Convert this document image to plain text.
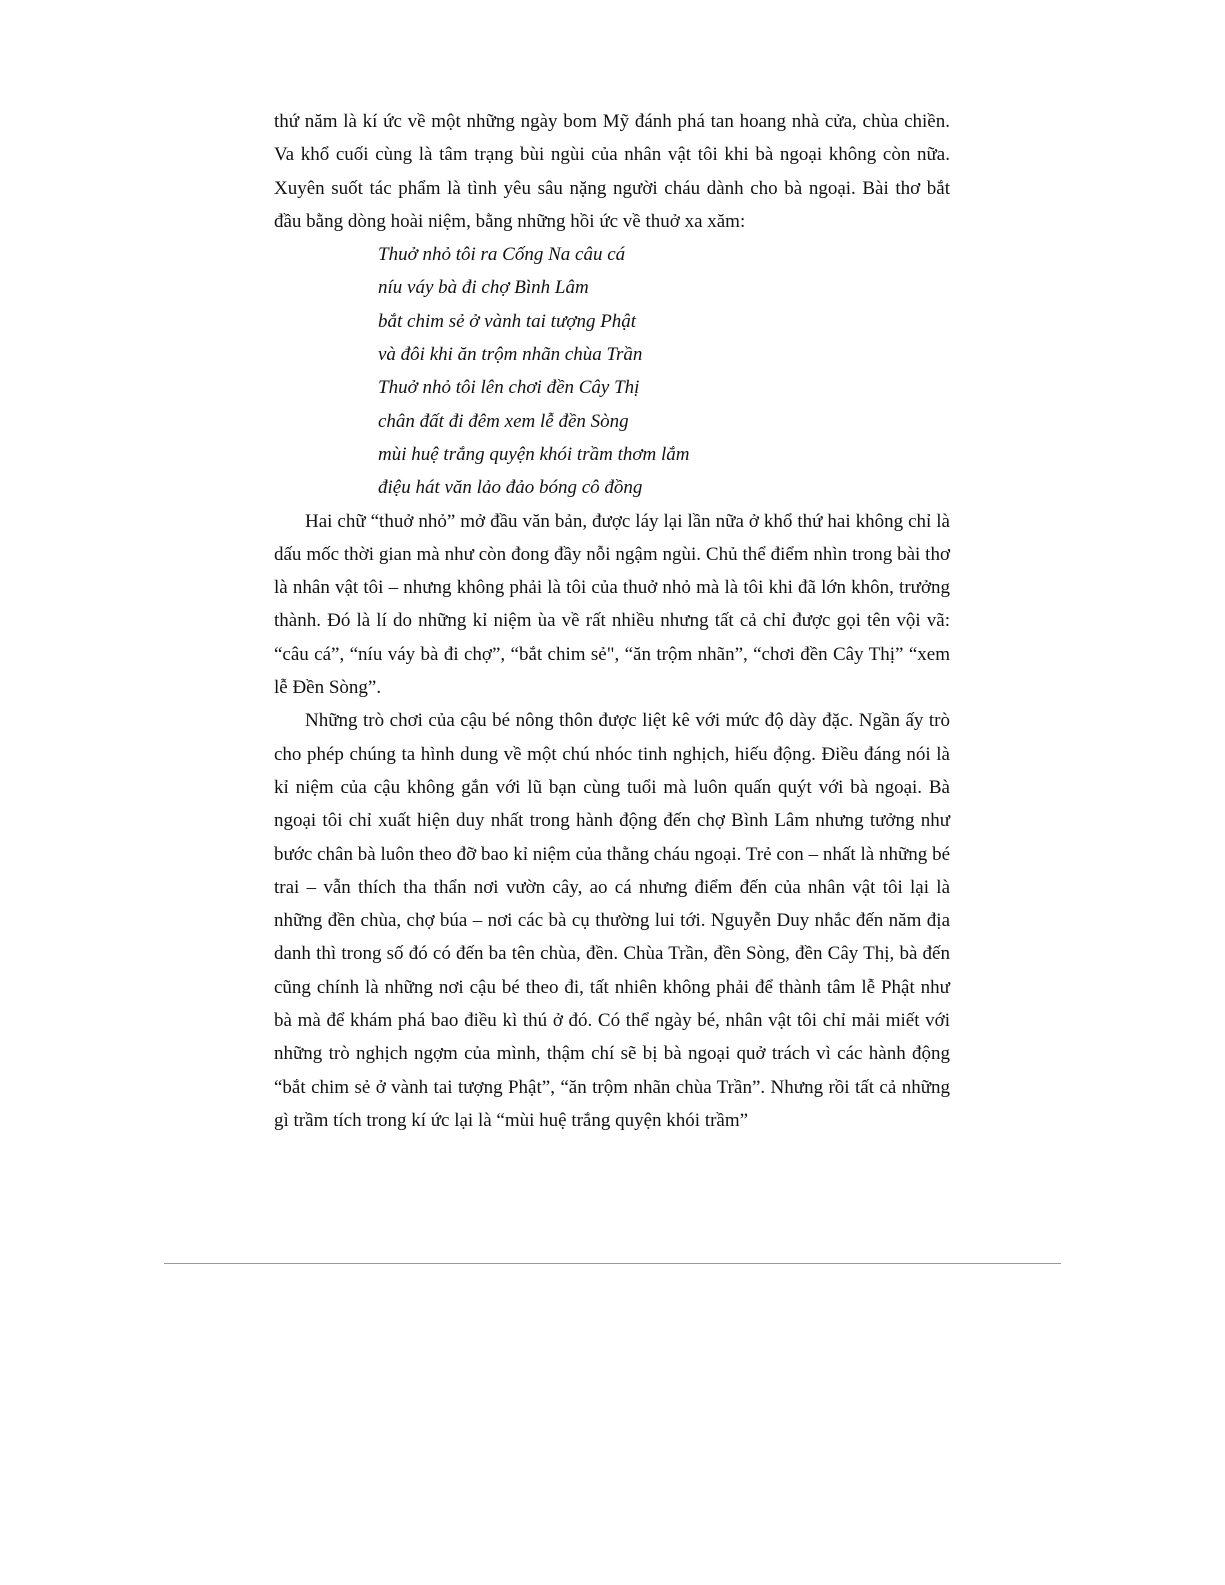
thứ năm là kí ức về một những ngày bom Mỹ đánh phá tan hoang nhà cửa, chùa chiền. Va khổ cuối cùng là tâm trạng bùi ngùi của nhân vật tôi khi bà ngoại không còn nữa. Xuyên suốt tác phẩm là tình yêu sâu nặng người cháu dành cho bà ngoại. Bài thơ bắt đầu bằng dòng hoài niệm, bằng những hồi ức về thuở xa xăm:

Thuở nhỏ tôi ra Cống Na câu cá
níu váy bà đi chợ Bình Lâm
bắt chim sẻ ở vành tai tượng Phật
và đôi khi ăn trộm nhãn chùa Trần
Thuở nhỏ tôi lên chơi đền Cây Thị
chân đất đi đêm xem lễ đền Sòng
mùi huệ trắng quyện khói trầm thơm lắm
điệu hát văn lảo đảo bóng cô đồng

Hai chữ “thuở nhỏ” mở đầu văn bản, được láy lại lần nữa ở khổ thứ hai không chỉ là dấu mốc thời gian mà như còn đong đầy nỗi ngậm ngùi. Chủ thể điểm nhìn trong bài thơ là nhân vật tôi – nhưng không phải là tôi của thuở nhỏ mà là tôi khi đã lớn khôn, trưởng thành. Đó là lí do những kỉ niệm ùa về rất nhiều nhưng tất cả chỉ được gọi tên vội vã: “câu cá”, “níu váy bà đi chợ”, “bắt chim sẻ", “ăn trộm nhãn”, “chơi đền Cây Thị” “xem lễ Đền Sòng”.

Những trò chơi của cậu bé nông thôn được liệt kê với mức độ dày đặc. Ngần ấy trò cho phép chúng ta hình dung về một chú nhóc tinh nghịch, hiếu động. Điều đáng nói là kỉ niệm của cậu không gắn với lũ bạn cùng tuổi mà luôn quấn quýt với bà ngoại. Bà ngoại tôi chỉ xuất hiện duy nhất trong hành động đến chợ Bình Lâm nhưng tưởng như bước chân bà luôn theo đỡ bao kỉ niệm của thằng cháu ngoại. Trẻ con – nhất là những bé trai – vẫn thích tha thẩn nơi vườn cây, ao cá nhưng điểm đến của nhân vật tôi lại là những đền chùa, chợ búa – nơi các bà cụ thường lui tới. Nguyễn Duy nhắc đến năm địa danh thì trong số đó có đến ba tên chùa, đền. Chùa Trần, đền Sòng, đền Cây Thị, bà đến cũng chính là những nơi cậu bé theo đi, tất nhiên không phải để thành tâm lễ Phật như bà mà để khám phá bao điều kì thú ở đó. Có thể ngày bé, nhân vật tôi chỉ mải miết với những trò nghịch ngợm của mình, thậm chí sẽ bị bà ngoại quở trách vì các hành động “bắt chim sẻ ở vành tai tượng Phật”, “ăn trộm nhãn chùa Trần”. Nhưng rồi tất cả những gì trầm tích trong kí ức lại là “mùi huệ trắng quyện khói trầm”
